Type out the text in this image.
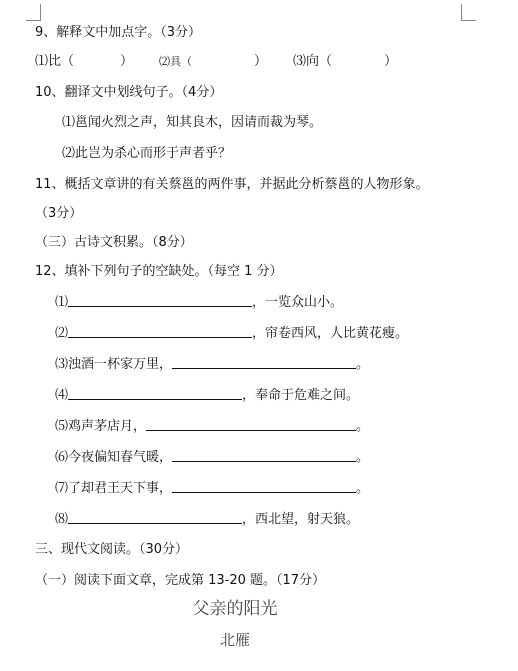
9、解释文中加点字。（3分）
⑴比（	） ⑵具（	） ⑶向（	）
10、翻译文中划线句子。（4分）
⑴邕闻火烈之声，知其良木，因请而裁为琴。
⑵此岂为杀心而形于声者乎？
11、概括文章讲的有关蔡邕的两件事，并据此分析蔡邕的人物形象。
（3分）
（三）古诗文积累。（8分）
12、填补下列句子的空缺处。（每空 1 分）
⑴	，一览众山小。
⑵	，帘卷西风，人比黄花瘦。
⑶浊酒一杯家万里，	。
⑷	，奉命于危难之间。
⑸鸡声茅店月，	。
⑹今夜偏知春气暖，	。
⑺了却君王天下事，	。
⑻	，西北望，射天狼。
三、现代文阅读。（30分）
（一）阅读下面文章，完成第 13-20 题。（17分）
父亲的阳光
北雁
